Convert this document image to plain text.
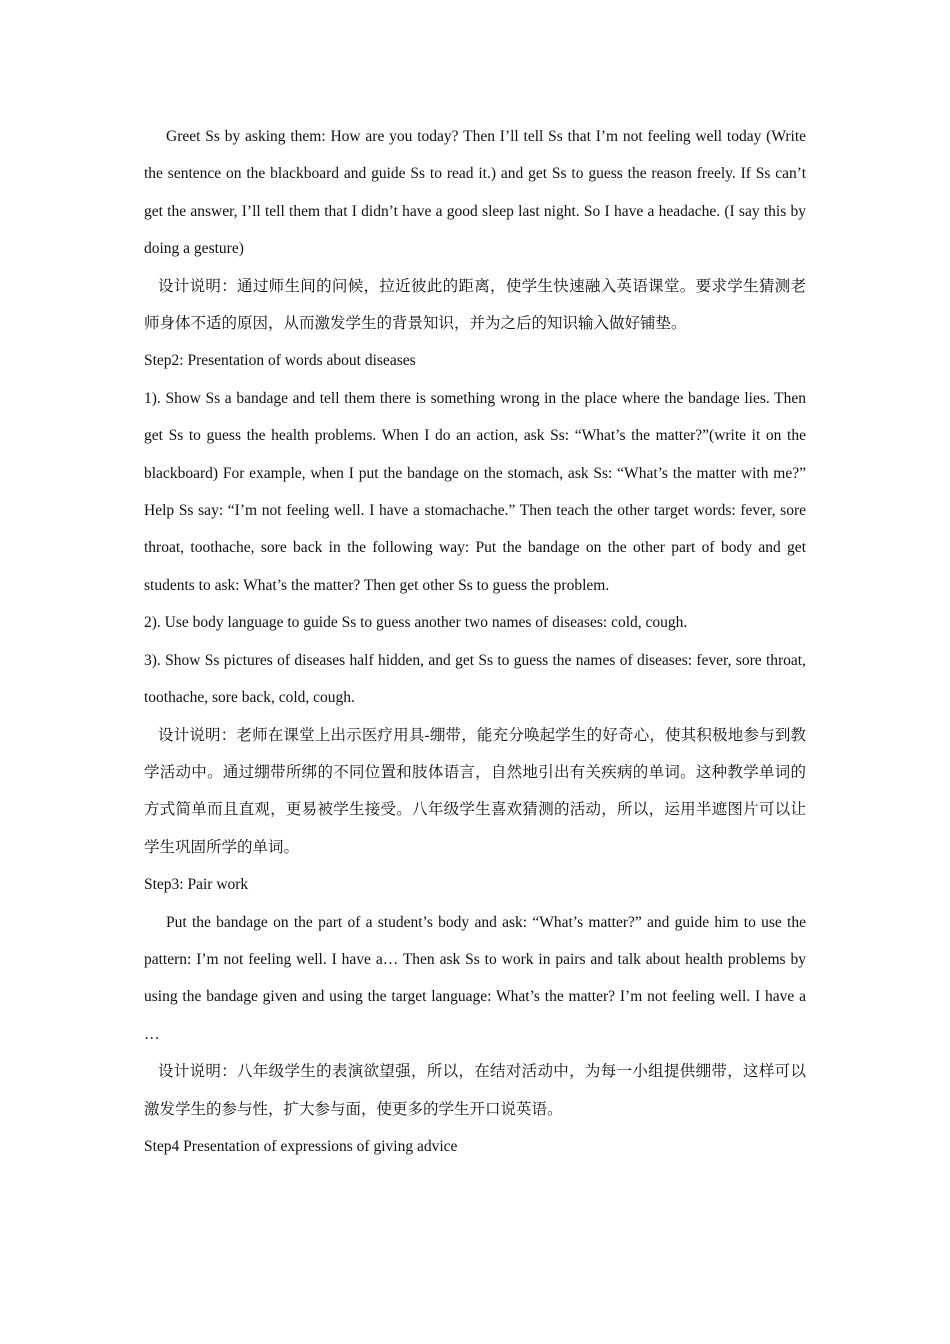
Greet Ss by asking them: How are you today? Then I’ll tell Ss that I’m not feeling well today (Write the sentence on the blackboard and guide Ss to read it.) and get Ss to guess the reason freely. If Ss can’t get the answer, I’ll tell them that I didn’t have a good sleep last night. So I have a headache. (I say this by doing a gesture)

设计说明：通过师生间的问候，拉近彼此的距离，使学生快速融入英语课堂。要求学生猜测老师身体不适的原因，从而激发学生的背景知识，并为之后的知识输入做好铺垫。

Step2: Presentation of words about diseases

1). Show Ss a bandage and tell them there is something wrong in the place where the bandage lies. Then get Ss to guess the health problems. When I do an action, ask Ss: “What’s the matter?”(write it on the blackboard) For example, when I put the bandage on the stomach, ask Ss: “What’s the matter with me?” Help Ss say: “I’m not feeling well. I have a stomachache.” Then teach the other target words: fever, sore throat, toothache, sore back in the following way: Put the bandage on the other part of body and get students to ask: What’s the matter? Then get other Ss to guess the problem.

2). Use body language to guide Ss to guess another two names of diseases: cold, cough.

3). Show Ss pictures of diseases half hidden, and get Ss to guess the names of diseases: fever, sore throat, toothache, sore back, cold, cough.

设计说明：老师在课堂上出示医疗用具-绷带，能充分唤起学生的好奇心，使其积极地参与到教学活动中。通过绷带所绑的不同位置和肢体语言，自然地引出有关疾病的单词。这种教学单词的方式简单而且直观，更易被学生接受。八年级学生喜欢猜测的活动，所以，运用半遮图片可以让学生巩固所学的单词。

Step3: Pair work

Put the bandage on the part of a student’s body and ask: “What’s matter?” and guide him to use the pattern: I’m not feeling well. I have a… Then ask Ss to work in pairs and talk about health problems by using the bandage given and using the target language: What’s the matter? I’m not feeling well. I have a …

设计说明：八年级学生的表演欲望强，所以，在结对活动中，为每一小组提供绷带，这样可以激发学生的参与性，扩大参与面，使更多的学生开口说英语。

Step4 Presentation of expressions of giving advice
